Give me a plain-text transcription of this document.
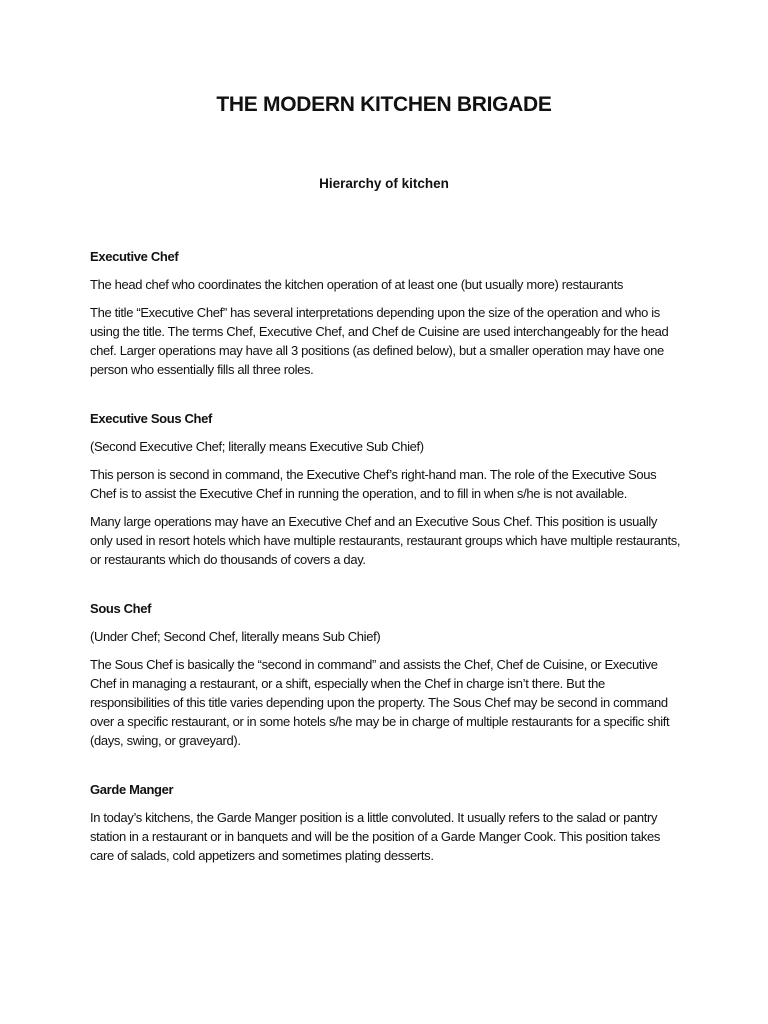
THE MODERN KITCHEN BRIGADE
Hierarchy of kitchen
Executive Chef

The head chef who coordinates the kitchen operation of at least one (but usually more) restaurants

The title “Executive Chef” has several interpretations depending upon the size of the operation and who is using the title. The terms Chef, Executive Chef, and Chef de Cuisine are used interchangeably for the head chef. Larger operations may have all 3 positions (as defined below), but a smaller operation may have one person who essentially fills all three roles.

Executive Sous Chef

(Second Executive Chef; literally means Executive Sub Chief)

This person is second in command, the Executive Chef’s right-hand man. The role of the Executive Sous Chef is to assist the Executive Chef in running the operation, and to fill in when s/he is not available.

Many large operations may have an Executive Chef and an Executive Sous Chef. This position is usually only used in resort hotels which have multiple restaurants, restaurant groups which have multiple restaurants, or restaurants which do thousands of covers a day.

Sous Chef

(Under Chef; Second Chef, literally means Sub Chief)

The Sous Chef is basically the “second in command” and assists the Chef, Chef de Cuisine, or Executive Chef in managing a restaurant, or a shift, especially when the Chef in charge isn’t there. But the responsibilities of this title varies depending upon the property. The Sous Chef may be second in command over a specific restaurant, or in some hotels s/he may be in charge of multiple restaurants for a specific shift (days, swing, or graveyard).

Garde Manger

In today’s kitchens, the Garde Manger position is a little convoluted. It usually refers to the salad or pantry station in a restaurant or in banquets and will be the position of a Garde Manger Cook. This position takes care of salads, cold appetizers and sometimes plating desserts.
